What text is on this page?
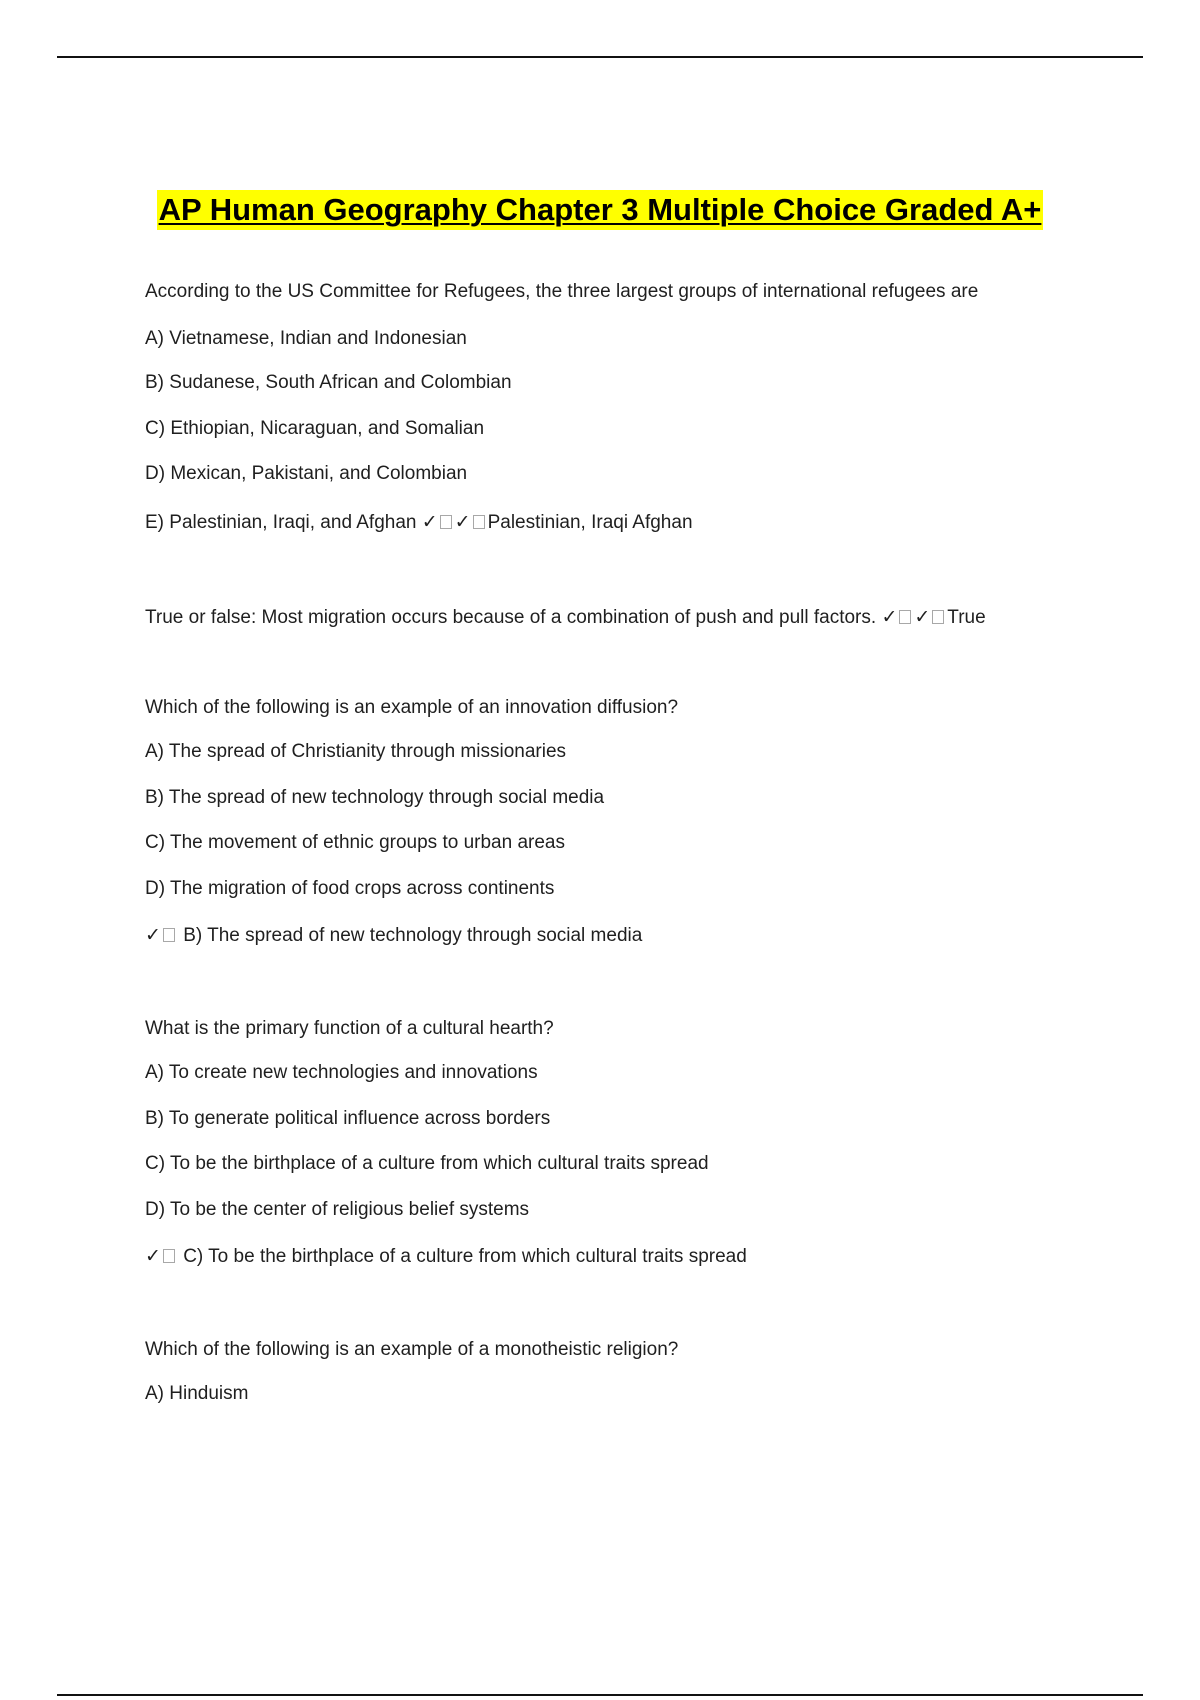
AP Human Geography Chapter 3 Multiple Choice Graded A+
According to the US Committee for Refugees, the three largest groups of international refugees are
A) Vietnamese, Indian and Indonesian
B) Sudanese, South African and Colombian
C) Ethiopian, Nicaraguan, and Somalian
D) Mexican, Pakistani, and Colombian
E) Palestinian, Iraqi, and Afghan ✓ ✓ Palestinian, Iraqi Afghan
True or false: Most migration occurs because of a combination of push and pull factors. ✓ ✓ True
Which of the following is an example of an innovation diffusion?
A) The spread of Christianity through missionaries
B) The spread of new technology through social media
C) The movement of ethnic groups to urban areas
D) The migration of food crops across continents
✓ B) The spread of new technology through social media
What is the primary function of a cultural hearth?
A) To create new technologies and innovations
B) To generate political influence across borders
C) To be the birthplace of a culture from which cultural traits spread
D) To be the center of religious belief systems
✓ C) To be the birthplace of a culture from which cultural traits spread
Which of the following is an example of a monotheistic religion?
A) Hinduism
